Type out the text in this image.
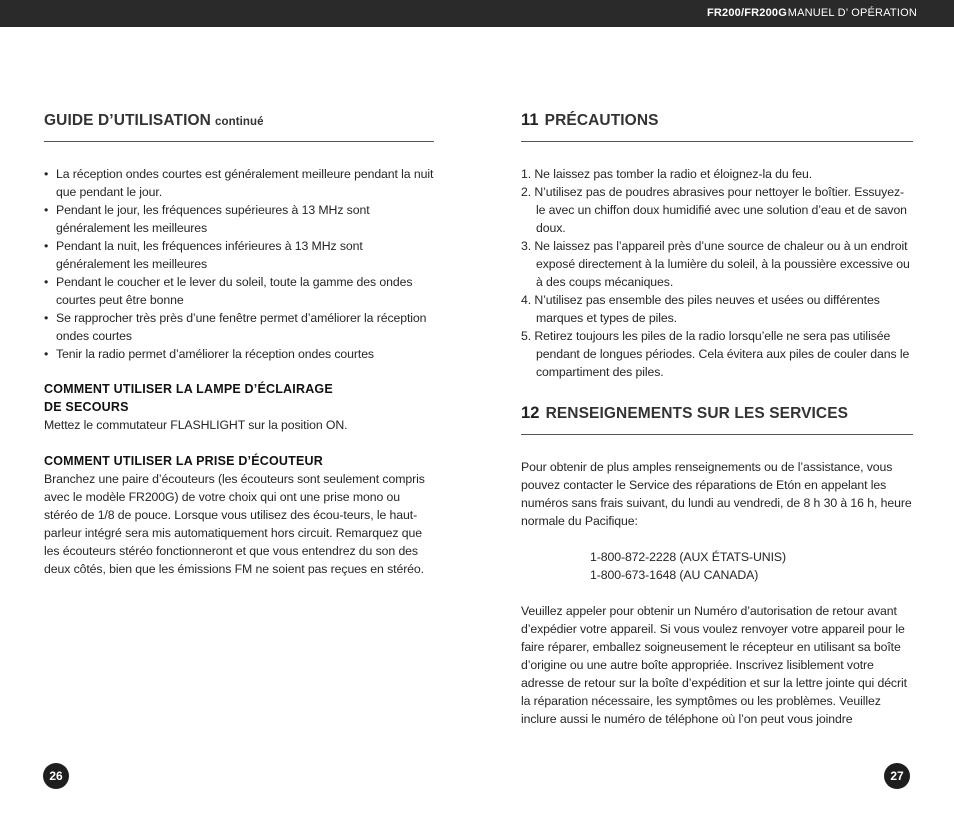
FR200/FR200G MANUEL D’ OPÉRATION
GUIDE D’UTILISATION continué
• La réception ondes courtes est généralement meilleure pendant la nuit que pendant le jour.
• Pendant le jour, les fréquences supérieures à 13 MHz sont généralement les meilleures
• Pendant la nuit, les fréquences inférieures à 13 MHz sont généralement les meilleures
• Pendant le coucher et le lever du soleil, toute la gamme des ondes courtes peut être bonne
• Se rapprocher très près d’une fenêtre permet d’améliorer la réception ondes courtes
• Tenir la radio permet d’améliorer la réception ondes courtes
COMMENT UTILISER LA LAMPE D’ÉCLAIRAGE
DE SECOURS
Mettez le commutateur FLASHLIGHT sur la position ON.
COMMENT UTILISER LA PRISE D’ÉCOUTEUR
Branchez une paire d’écouteurs (les écouteurs sont seulement compris avec le modèle FR200G) de votre choix qui ont une prise mono ou stéréo de 1/8 de pouce. Lorsque vous utilisez des écou-teurs, le haut-parleur intégré sera mis automatiquement hors circuit. Remarquez que les écouteurs stéréo fonctionneront et que vous entendrez du son des deux côtés, bien que les émissions FM ne soient pas reçues en stéréo.
11 PRÉCAUTIONS
1. Ne laissez pas tomber la radio et éloignez-la du feu.
2. N’utilisez pas de poudres abrasives pour nettoyer le boîtier. Essuyez-le avec un chiffon doux humidifié avec une solution d’eau et de savon doux.
3. Ne laissez pas l’appareil près d’une source de chaleur ou à un endroit exposé directement à la lumière du soleil, à la poussière excessive ou à des coups mécaniques.
4. N’utilisez pas ensemble des piles neuves et usées ou différentes marques et types de piles.
5. Retirez toujours les piles de la radio lorsqu’elle ne sera pas utilisée pendant de longues périodes. Cela évitera aux piles de couler dans le compartiment des piles.
12 RENSEIGNEMENTS SUR LES SERVICES
Pour obtenir de plus amples renseignements ou de l’assistance, vous pouvez contacter le Service des réparations de Etón en appelant les numéros sans frais suivant, du lundi au vendredi, de 8 h 30 à 16 h, heure normale du Pacifique:
1-800-872-2228 (AUX ÉTATS-UNIS)
1-800-673-1648 (AU CANADA)
Veuillez appeler pour obtenir un Numéro d’autorisation de retour avant d’expédier votre appareil. Si vous voulez renvoyer votre appareil pour le faire réparer, emballez soigneusement le récepteur en utilisant sa boîte d’origine ou une autre boîte appropriée. Inscrivez lisiblement votre adresse de retour sur la boîte d’expédition et sur la lettre jointe qui décrit la réparation nécessaire, les symptômes ou les problèmes. Veuillez inclure aussi le numéro de téléphone où l’on peut vous joindre
26	27
